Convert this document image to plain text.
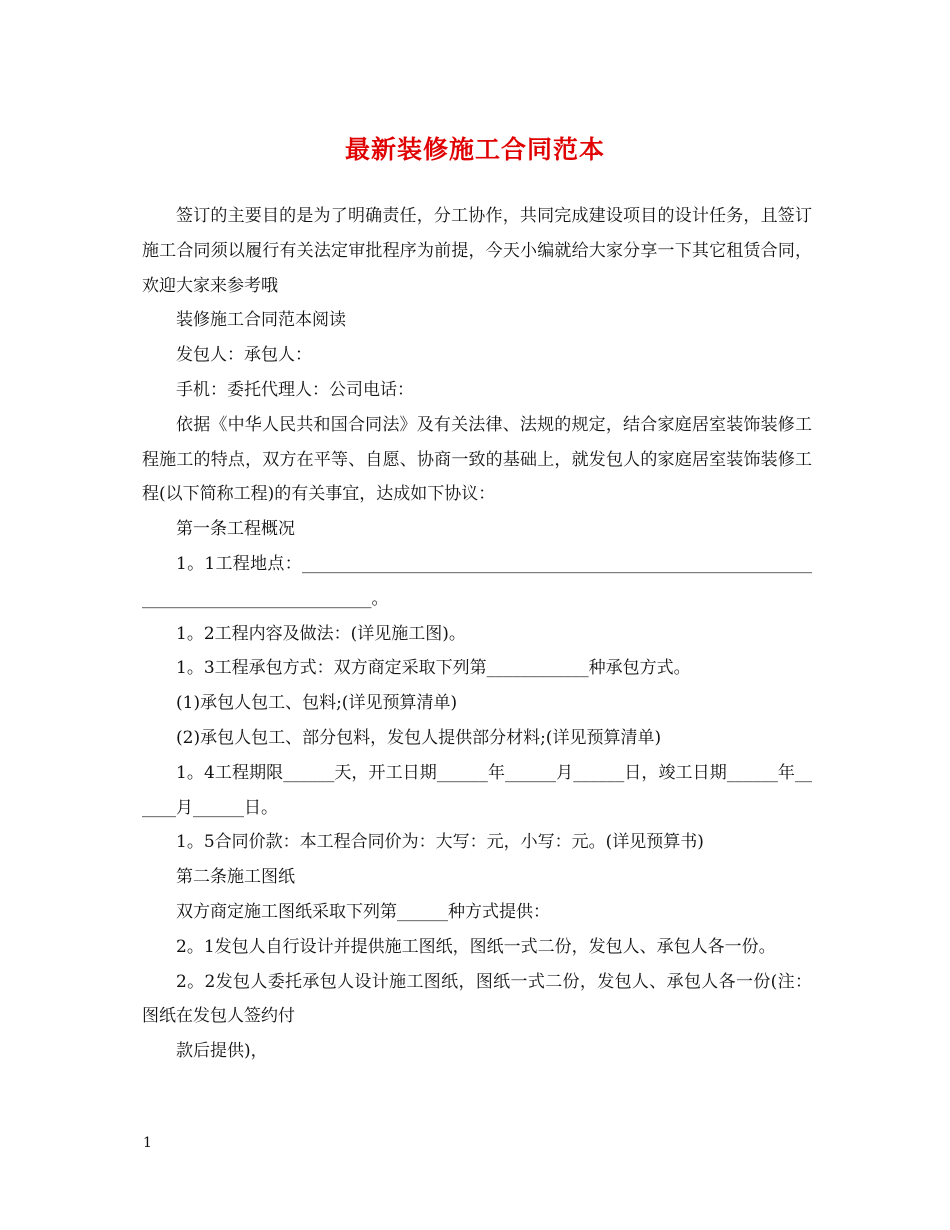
最新装修施工合同范本

签订的主要目的是为了明确责任，分工协作，共同完成建设项目的设计任务，且签订施工合同须以履行有关法定审批程序为前提，今天小编就给大家分享一下其它租赁合同，欢迎大家来参考哦

装修施工合同范本阅读

发包人：承包人：

手机：委托代理人：公司电话：

依据《中华人民共和国合同法》及有关法律、法规的规定，结合家庭居室装饰装修工程施工的特点，双方在平等、自愿、协商一致的基础上，就发包人的家庭居室装饰装修工程(以下简称工程)的有关事宜，达成如下协议：

第一条工程概况

1。1工程地点：_______________________________________________________________________________________。

1。2工程内容及做法：(详见施工图)。

1。3工程承包方式：双方商定采取下列第____________种承包方式。

(1)承包人包工、包料;(详见预算清单)

(2)承包人包工、部分包料，发包人提供部分材料;(详见预算清单)

1。4工程期限______天，开工日期______年______月______日，竣工日期______年______月______日。

1。5合同价款：本工程合同价为：大写：元，小写：元。(详见预算书)

第二条施工图纸

双方商定施工图纸采取下列第______种方式提供：

2。1发包人自行设计并提供施工图纸，图纸一式二份，发包人、承包人各一份。

2。2发包人委托承包人设计施工图纸，图纸一式二份，发包人、承包人各一份(注：图纸在发包人签约付

款后提供)，

1
